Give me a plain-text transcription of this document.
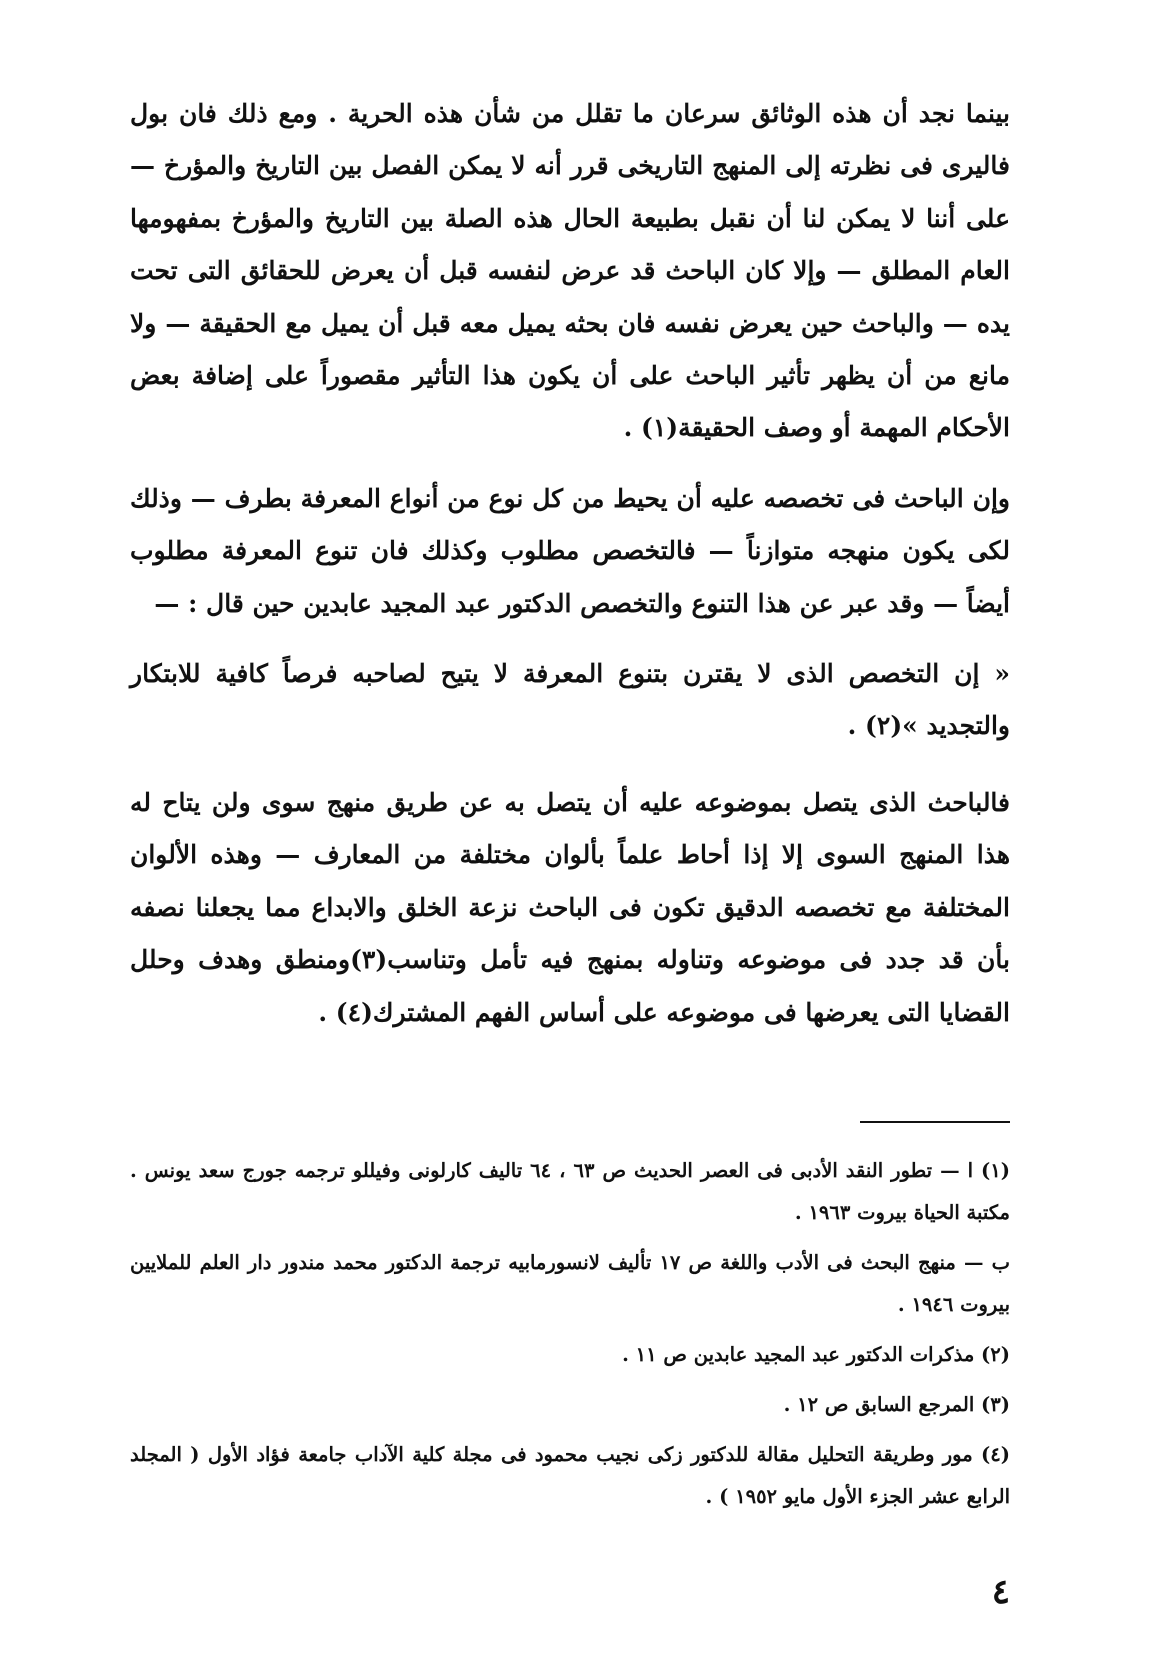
بينما نجد أن هذه الوثائق سرعان ما تقلل من شأن هذه الحرية . ومع ذلك فان بول فاليرى فى نظرته إلى المنهج التاريخى قرر أنه لا يمكن الفصل بين التاريخ والمؤرخ — على أننا لا يمكن لنا أن نقبل بطبيعة الحال هذه الصلة بين التاريخ والمؤرخ بمفهومها العام المطلق — وإلا كان الباحث قد عرض لنفسه قبل أن يعرض للحقائق التى تحت يده — والباحث حين يعرض نفسه فان بحثه يميل معه قبل أن يميل مع الحقيقة — ولا مانع من أن يظهر تأثير الباحث على أن يكون هذا التأثير مقصوراً على إضافة بعض الأحكام المهمة أو وصف الحقيقة(١) .

وإن الباحث فى تخصصه عليه أن يحيط من كل نوع من أنواع المعرفة بطرف — وذلك لكى يكون منهجه متوازناً — فالتخصص مطلوب وكذلك فان تنوع المعرفة مطلوب أيضاً — وقد عبر عن هذا التنوع والتخصص الدكتور عبد المجيد عابدين حين قال : —

« إن التخصص الذى لا يقترن بتنوع المعرفة لا يتيح لصاحبه فرصاً كافية للابتكار والتجديد »(٢) .

فالباحث الذى يتصل بموضوعه عليه أن يتصل به عن طريق منهج سوى ولن يتاح له هذا المنهج السوى إلا إذا أحاط علماً بألوان مختلفة من المعارف — وهذه الألوان المختلفة مع تخصصه الدقيق تكون فى الباحث نزعة الخلق والابداع مما يجعلنا نصفه بأن قد جدد فى موضوعه وتناوله بمنهج فيه تأمل وتناسب(٣)ومنطق وهدف وحلل القضايا التى يعرضها فى موضوعه على أساس الفهم المشترك(٤) .

(١) ا — تطور النقد الأدبى فى العصر الحديث ص ٦٣ ، ٦٤ تاليف كارلونى وفيللو ترجمه جورج سعد يونس . مكتبة الحياة بيروت ١٩٦٣ .

ب — منهج البحث فى الأدب واللغة ص ١٧ تأليف لانسورمابيه ترجمة الدكتور محمد مندور دار العلم للملايين بيروت ١٩٤٦ .

(٢) مذكرات الدكتور عبد المجيد عابدين ص ١١ .

(٣) المرجع السابق ص ١٢ .

(٤) مور وطريقة التحليل مقالة للدكتور زكى نجيب محمود فى مجلة كلية الآداب جامعة فؤاد الأول ( المجلد الرابع عشر الجزء الأول مايو ١٩٥٢ ) .

٤
